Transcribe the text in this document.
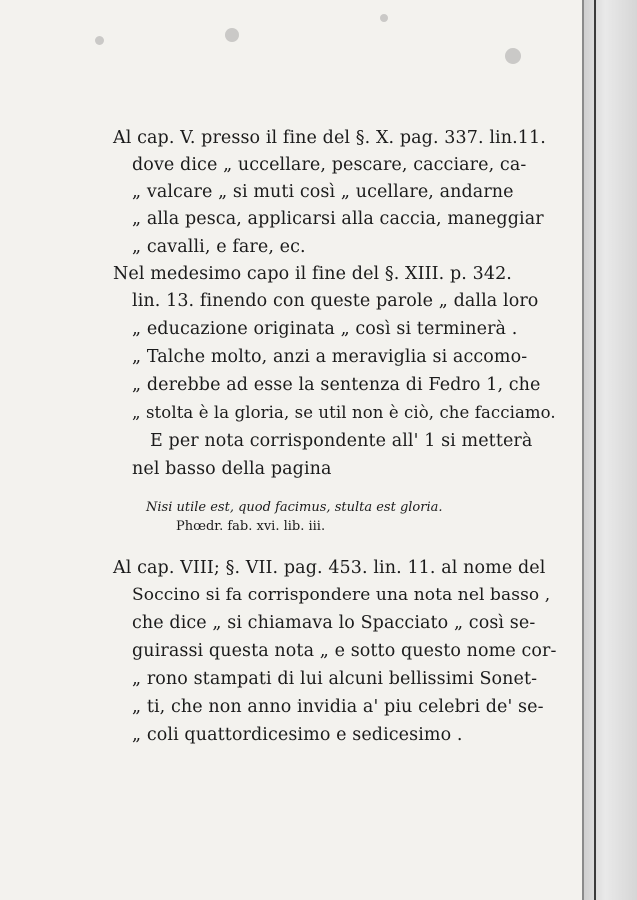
Al cap. V. presso il fine del §. X. pag. 337. lin.11.
dove dice „ uccellare, pescare, cacciare, ca-
„ valcare „ si muti così „ ucellare, andarne
„ alla pesca, applicarsi alla caccia, maneggiar
„ cavalli, e fare, ec.
Nel medesimo capo il fine del §. XIII. p. 342.
lin. 13. finendo con queste parole „ dalla loro
„ educazione originata „ così si terminerà .
„ Talche molto, anzi a meraviglia si accomo-
„ derebbe ad esse la sentenza di Fedro 1, che
„ stolta è la gloria, se util non è ciò, che facciamo.
E per nota corrispondente all' 1 si metterà
nel basso della pagina
Nisi utile est, quod facimus, stulta est gloria.
Phœdr. fab. xvi. lib. iii.
Al cap. VIII; §. VII. pag. 453. lin. 11. al nome del
Soccino si fa corrispondere una nota nel basso ,
che dice „ si chiamava lo Spacciato „ così se-
guirassi questa nota „ e sotto questo nome cor-
„ rono stampati di lui alcuni bellissimi Sonet-
„ ti, che non anno invidia a' piu celebri de' se-
„ coli quattordicesimo e sedicesimo .
